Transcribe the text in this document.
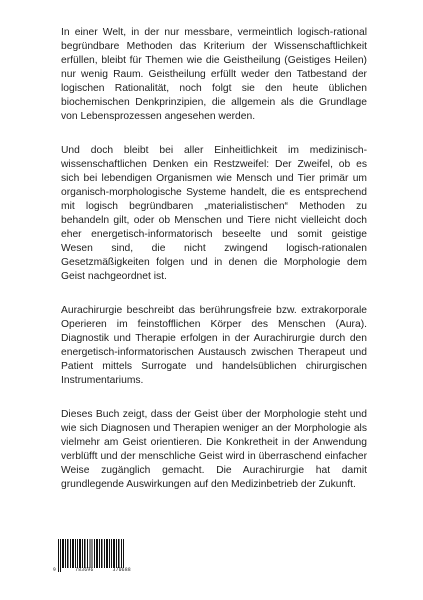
In einer Welt, in der nur messbare, vermeintlich logisch-rational begründbare Methoden das Kriterium der Wissenschaftlichkeit erfüllen, bleibt für Themen wie die Geistheilung (Geistiges Heilen) nur wenig Raum. Geistheilung erfüllt weder den Tatbestand der logischen Rationalität, noch folgt sie den heute üblichen biochemischen Denkprinzipien, die allgemein als die Grundlage von Lebensprozessen angesehen werden.

Und doch bleibt bei aller Einheitlichkeit im medizinisch-wissenschaftlichen Denken ein Restzweifel: Der Zweifel, ob es sich bei lebendigen Organismen wie Mensch und Tier primär um organisch-morphologische Systeme handelt, die es entsprechend mit logisch begründbaren „materialistischen“ Methoden zu behandeln gilt, oder ob Menschen und Tiere nicht vielleicht doch eher energetisch-informatorisch beseelte und somit geistige Wesen sind, die nicht zwingend logisch-rationalen Gesetzmäßigkeiten folgen und in denen die Morphologie dem Geist nachgeordnet ist.

Aurachirurgie beschreibt das berührungsfreie bzw. extrakorporale Operieren im feinstofflichen Körper des Menschen (Aura). Diagnostik und Therapie erfolgen in der Aurachirurgie durch den energetisch-informatorischen Austausch zwischen Therapeut und Patient mittels Surrogate und handelsüblichen chirurgischen Instrumentariums.

Dieses Buch zeigt, dass der Geist über der Morphologie steht und wie sich Diagnosen und Therapien weniger an der Morphologie als vielmehr am Geist orientieren. Die Konkretheit in der Anwendung verblüfft und der menschliche Geist wird in überraschend einfacher Weise zugänglich gemacht. Die Aurachirurgie hat damit grundlegende Auswirkungen auf den Medizinbetrieb der Zukunft.

9	783696	370688
